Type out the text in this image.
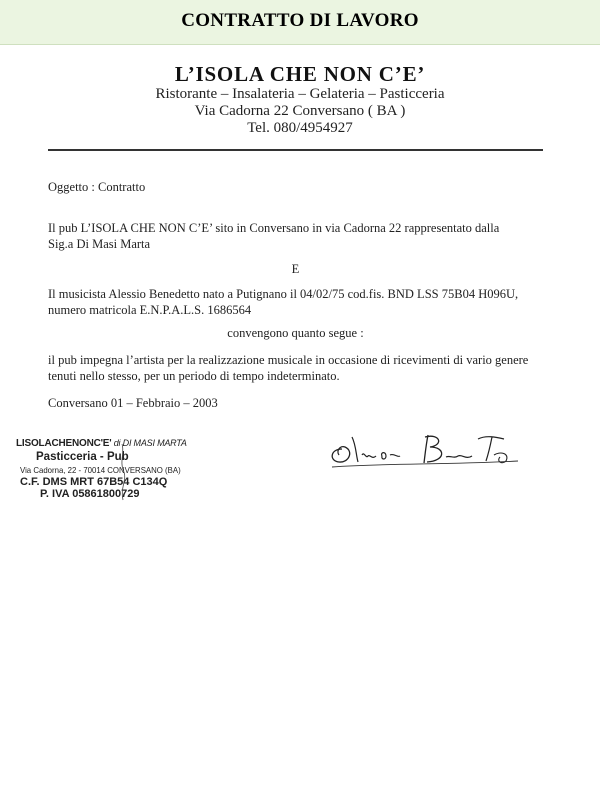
CONTRATTO DI LAVORO
L’ISOLA CHE NON C’E’
Ristorante – Insalateria – Gelateria – Pasticceria
Via Cadorna 22 Conversano ( BA )
Tel. 080/4954927
Oggetto : Contratto
Il pub L’ISOLA CHE NON C’E’ sito in Conversano in via Cadorna 22 rappresentato dalla
Sig.a Di Masi Marta
E
Il musicista Alessio Benedetto nato a Putignano il 04/02/75 cod.fis. BND LSS 75B04 H096U,
numero matricola E.N.P.A.L.S. 1686564
convengono quanto segue :
il pub impegna l’artista per la realizzazione musicale in occasione di ricevimenti di vario genere
tenuti nello stesso, per un periodo di tempo indeterminato.
Conversano 01 – Febbraio – 2003
LISOLACHENONC'E' di DI MASI MARTA
Pasticceria - Pub
Via Cadorna, 22 - 70014 CONVERSANO (BA)
C.F. DMS MRT 67B54 C134Q
P. IVA 05861800729
